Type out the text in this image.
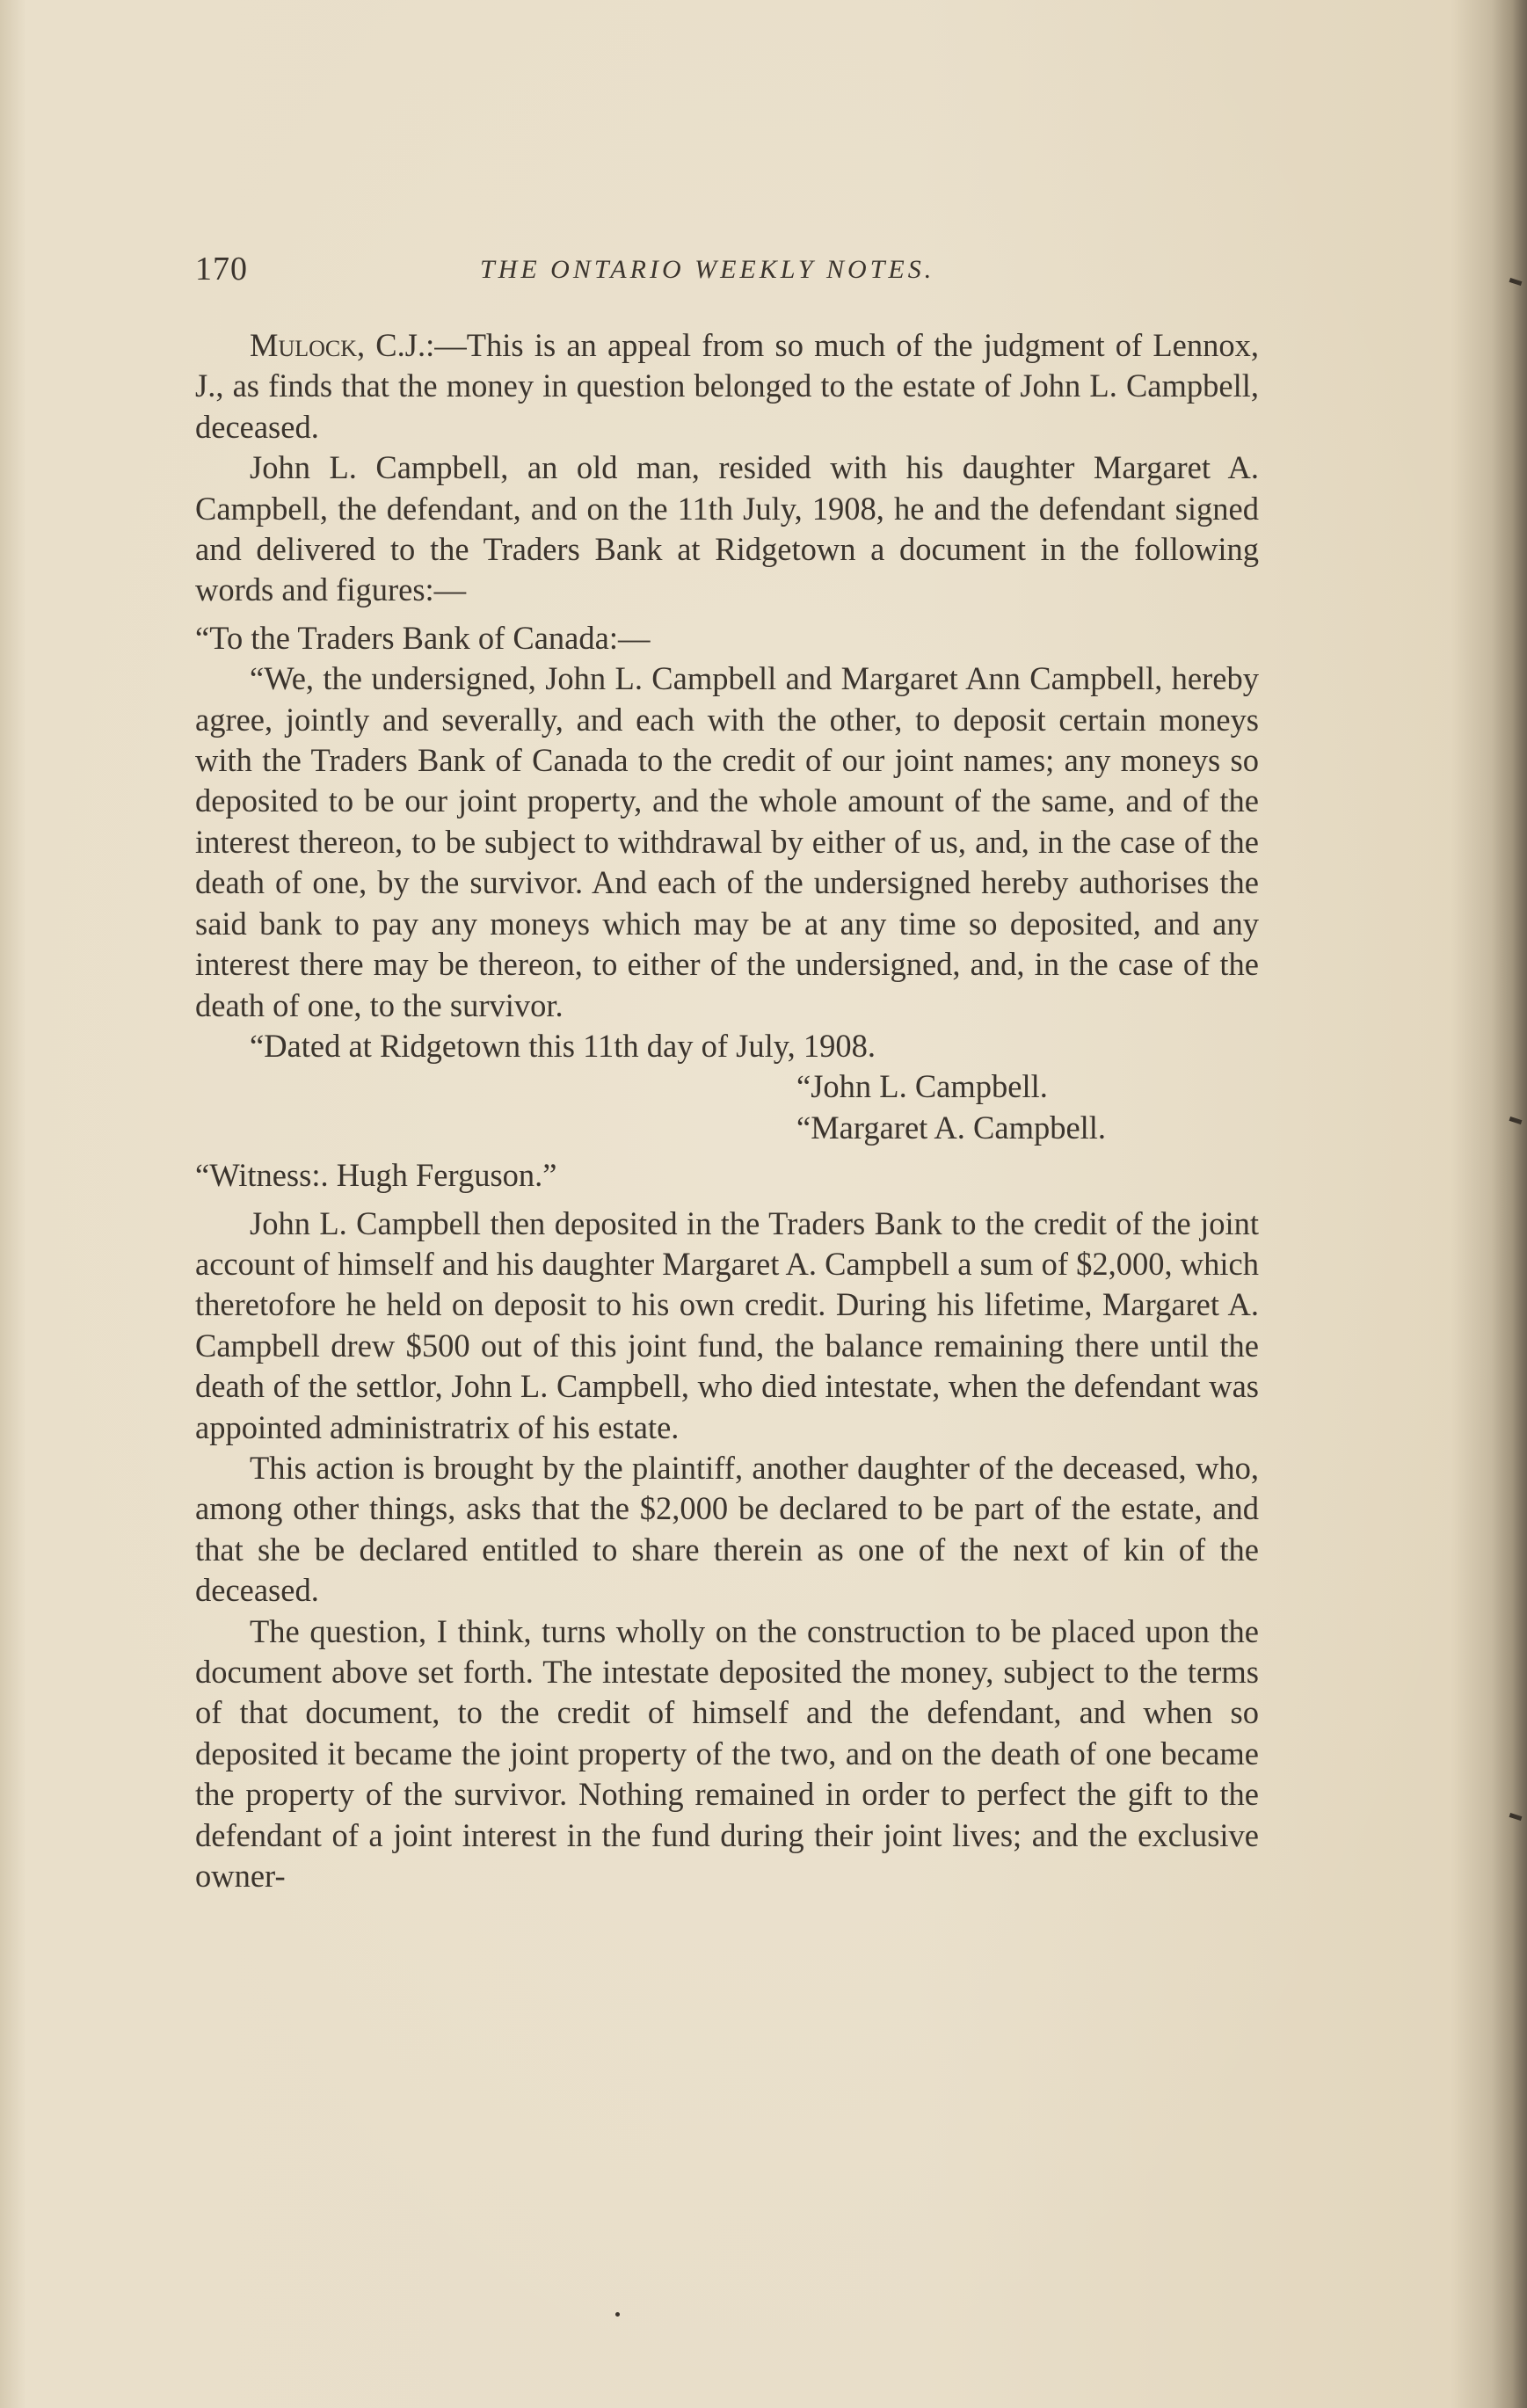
170	THE ONTARIO WEEKLY NOTES.

Mulock, C.J.:—This is an appeal from so much of the judgment of Lennox, J., as finds that the money in question belonged to the estate of John L. Campbell, deceased.

John L. Campbell, an old man, resided with his daughter Margaret A. Campbell, the defendant, and on the 11th July, 1908, he and the defendant signed and delivered to the Traders Bank at Ridgetown a document in the following words and figures:—

“To the Traders Bank of Canada:—

“We, the undersigned, John L. Campbell and Margaret Ann Campbell, hereby agree, jointly and severally, and each with the other, to deposit certain moneys with the Traders Bank of Canada to the credit of our joint names; any moneys so deposited to be our joint property, and the whole amount of the same, and of the interest thereon, to be subject to withdrawal by either of us, and, in the case of the death of one, by the survivor. And each of the undersigned hereby authorises the said bank to pay any moneys which may be at any time so deposited, and any interest there may be thereon, to either of the undersigned, and, in the case of the death of one, to the survivor.

“Dated at Ridgetown this 11th day of July, 1908.

“John L. Campbell.

“Margaret A. Campbell.

“Witness:. Hugh Ferguson.”

John L. Campbell then deposited in the Traders Bank to the credit of the joint account of himself and his daughter Margaret A. Campbell a sum of $2,000, which theretofore he held on deposit to his own credit. During his lifetime, Margaret A. Campbell drew $500 out of this joint fund, the balance remaining there until the death of the settlor, John L. Campbell, who died intestate, when the defendant was appointed administratrix of his estate.

This action is brought by the plaintiff, another daughter of the deceased, who, among other things, asks that the $2,000 be declared to be part of the estate, and that she be declared entitled to share therein as one of the next of kin of the deceased.

The question, I think, turns wholly on the construction to be placed upon the document above set forth. The intestate deposited the money, subject to the terms of that document, to the credit of himself and the defendant, and when so deposited it became the joint property of the two, and on the death of one became the property of the survivor. Nothing remained in order to perfect the gift to the defendant of a joint interest in the fund during their joint lives; and the exclusive owner-
